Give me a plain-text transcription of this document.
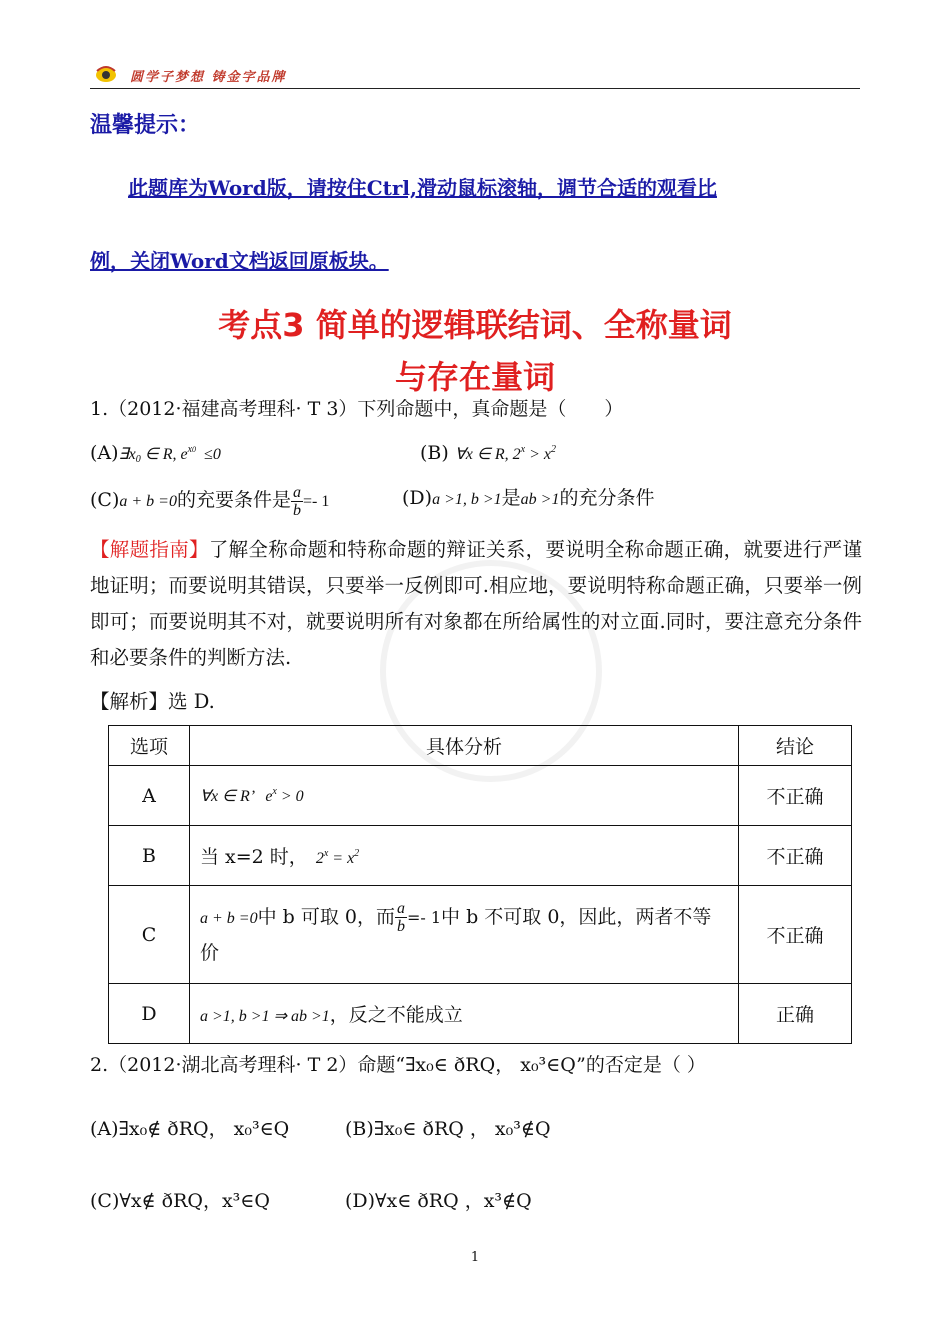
圆学子梦想 铸金字品牌
温馨提示：
此题库为Word版，请按住Ctrl,滑动鼠标滚轴，调节合适的观看比
例，关闭Word文档返回原板块。
考点3 简单的逻辑联结词、全称量词
与存在量词
1.（2012·福建高考理科· T 3）下列命题中，真命题是（　　）
$(A)\exists x_0$ ∈ R, $e^{x0} \le 0$	(B) ∀x ∈ R, $2^x > x^2$
(C)a + b =0的充要条件是 $\frac{a}{b} =- 1$	(D)a >1, b >1是ab >1的充分条件
【解题指南】了解全称命题和特称命题的辩证关系，要说明全称命题正确，就要进行严谨地证明；而要说明其错误，只要举一反例即可.相应地，要说明特称命题正确，只要举一例即可；而要说明其不对，就要说明所有对象都在所给属性的对立面.同时，要注意充分条件和必要条件的判断方法.
【解析】选 D.
选项	具体分析	结论
A	∀x ∈ R’   $e^x > 0$	不正确
B	当 x=2 时，  $2^x = x^2$	不正确
C	a + b =0中 b 可取 0，而 $\frac{a}{b} =- 1$中 b 不可取 0，因此，两者不等价	不正确
D	a >1, b >1 ⇒ ab >1，反之不能成立	正确
2.（2012·湖北高考理科· T 2）命题“∃x₀∈ ðRQ， x₀³∈Q”的否定是（ ）
(A)∃x₀∉ ðRQ， x₀³∈Q	(B)∃x₀∈ ðRQ ， x₀³∉Q
(C)∀x∉ ðRQ，x³∈Q	(D)∀x∈ ðRQ ，x³∉Q
1
